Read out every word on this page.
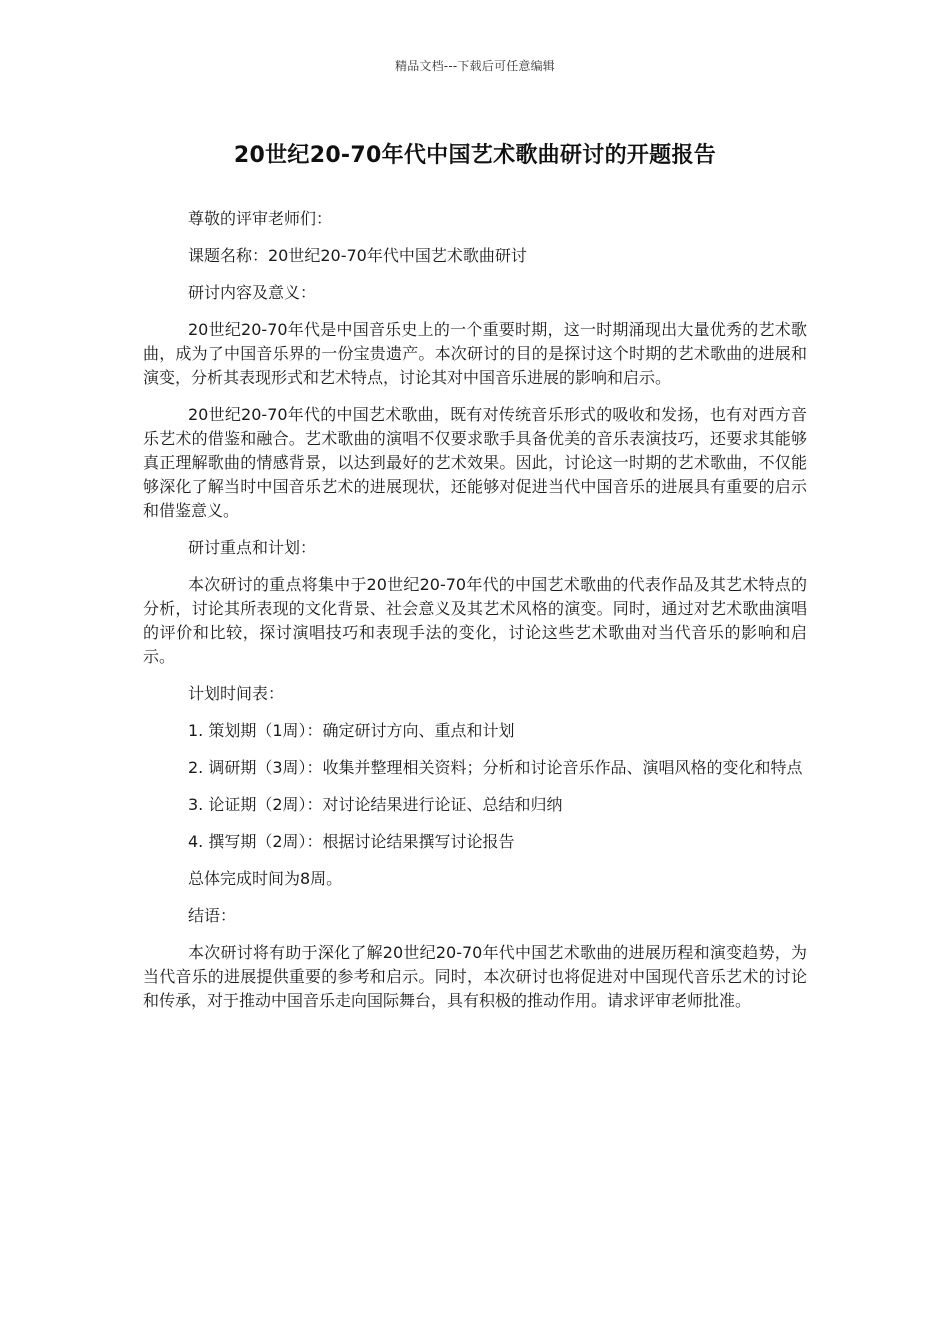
精品文档---下载后可任意编辑
20世纪20-70年代中国艺术歌曲研讨的开题报告

尊敬的评审老师们：

课题名称：20世纪20-70年代中国艺术歌曲研讨

研讨内容及意义：

20世纪20-70年代是中国音乐史上的一个重要时期，这一时期涌现出大量优秀的艺术歌曲，成为了中国音乐界的一份宝贵遗产。本次研讨的目的是探讨这个时期的艺术歌曲的进展和演变，分析其表现形式和艺术特点，讨论其对中国音乐进展的影响和启示。

20世纪20-70年代的中国艺术歌曲，既有对传统音乐形式的吸收和发扬，也有对西方音乐艺术的借鉴和融合。艺术歌曲的演唱不仅要求歌手具备优美的音乐表演技巧，还要求其能够真正理解歌曲的情感背景，以达到最好的艺术效果。因此，讨论这一时期的艺术歌曲，不仅能够深化了解当时中国音乐艺术的进展现状，还能够对促进当代中国音乐的进展具有重要的启示和借鉴意义。

研讨重点和计划：

本次研讨的重点将集中于20世纪20-70年代的中国艺术歌曲的代表作品及其艺术特点的分析，讨论其所表现的文化背景、社会意义及其艺术风格的演变。同时，通过对艺术歌曲演唱的评价和比较，探讨演唱技巧和表现手法的变化，讨论这些艺术歌曲对当代音乐的影响和启示。

计划时间表：

1. 策划期（1周）：确定研讨方向、重点和计划

2. 调研期（3周）：收集并整理相关资料；分析和讨论音乐作品、演唱风格的变化和特点

3. 论证期（2周）：对讨论结果进行论证、总结和归纳

4. 撰写期（2周）：根据讨论结果撰写讨论报告

总体完成时间为8周。

结语：

本次研讨将有助于深化了解20世纪20-70年代中国艺术歌曲的进展历程和演变趋势，为当代音乐的进展提供重要的参考和启示。同时，本次研讨也将促进对中国现代音乐艺术的讨论和传承，对于推动中国音乐走向国际舞台，具有积极的推动作用。请求评审老师批准。
